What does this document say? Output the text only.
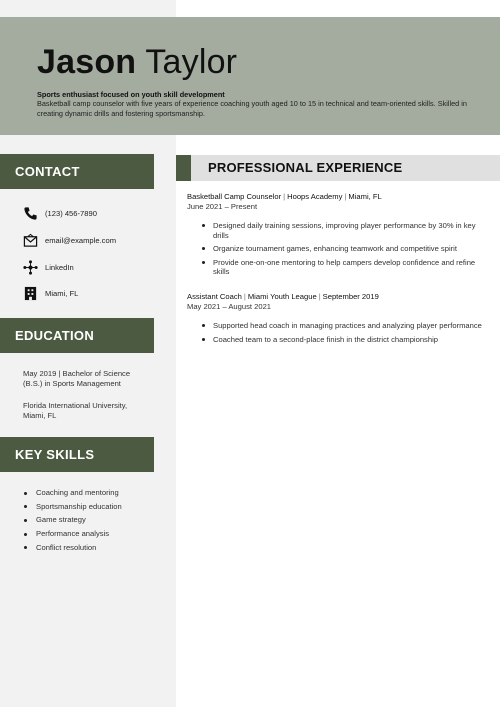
Jason Taylor
Sports enthusiast focused on youth skill development
Basketball camp counselor with five years of experience coaching youth aged 10 to 15 in technical and team-oriented skills. Skilled in creating dynamic drills and fostering sportsmanship.
CONTACT
(123) 456-7890
email@example.com
LinkedIn
Miami, FL
EDUCATION
May 2019 | Bachelor of Science (B.S.) in Sports Management
Florida International University, Miami, FL
KEY SKILLS
Coaching and mentoring
Sportsmanship education
Game strategy
Performance analysis
Conflict resolution
PROFESSIONAL EXPERIENCE
Basketball Camp Counselor | Hoops Academy | Miami, FL
June 2021 – Present
Designed daily training sessions, improving player performance by 30% in key drills
Organize tournament games, enhancing teamwork and competitive spirit
Provide one-on-one mentoring to help campers develop confidence and refine skills
Assistant Coach | Miami Youth League | September 2019
May 2021 – August 2021
Supported head coach in managing practices and analyzing player performance
Coached team to a second-place finish in the district championship
